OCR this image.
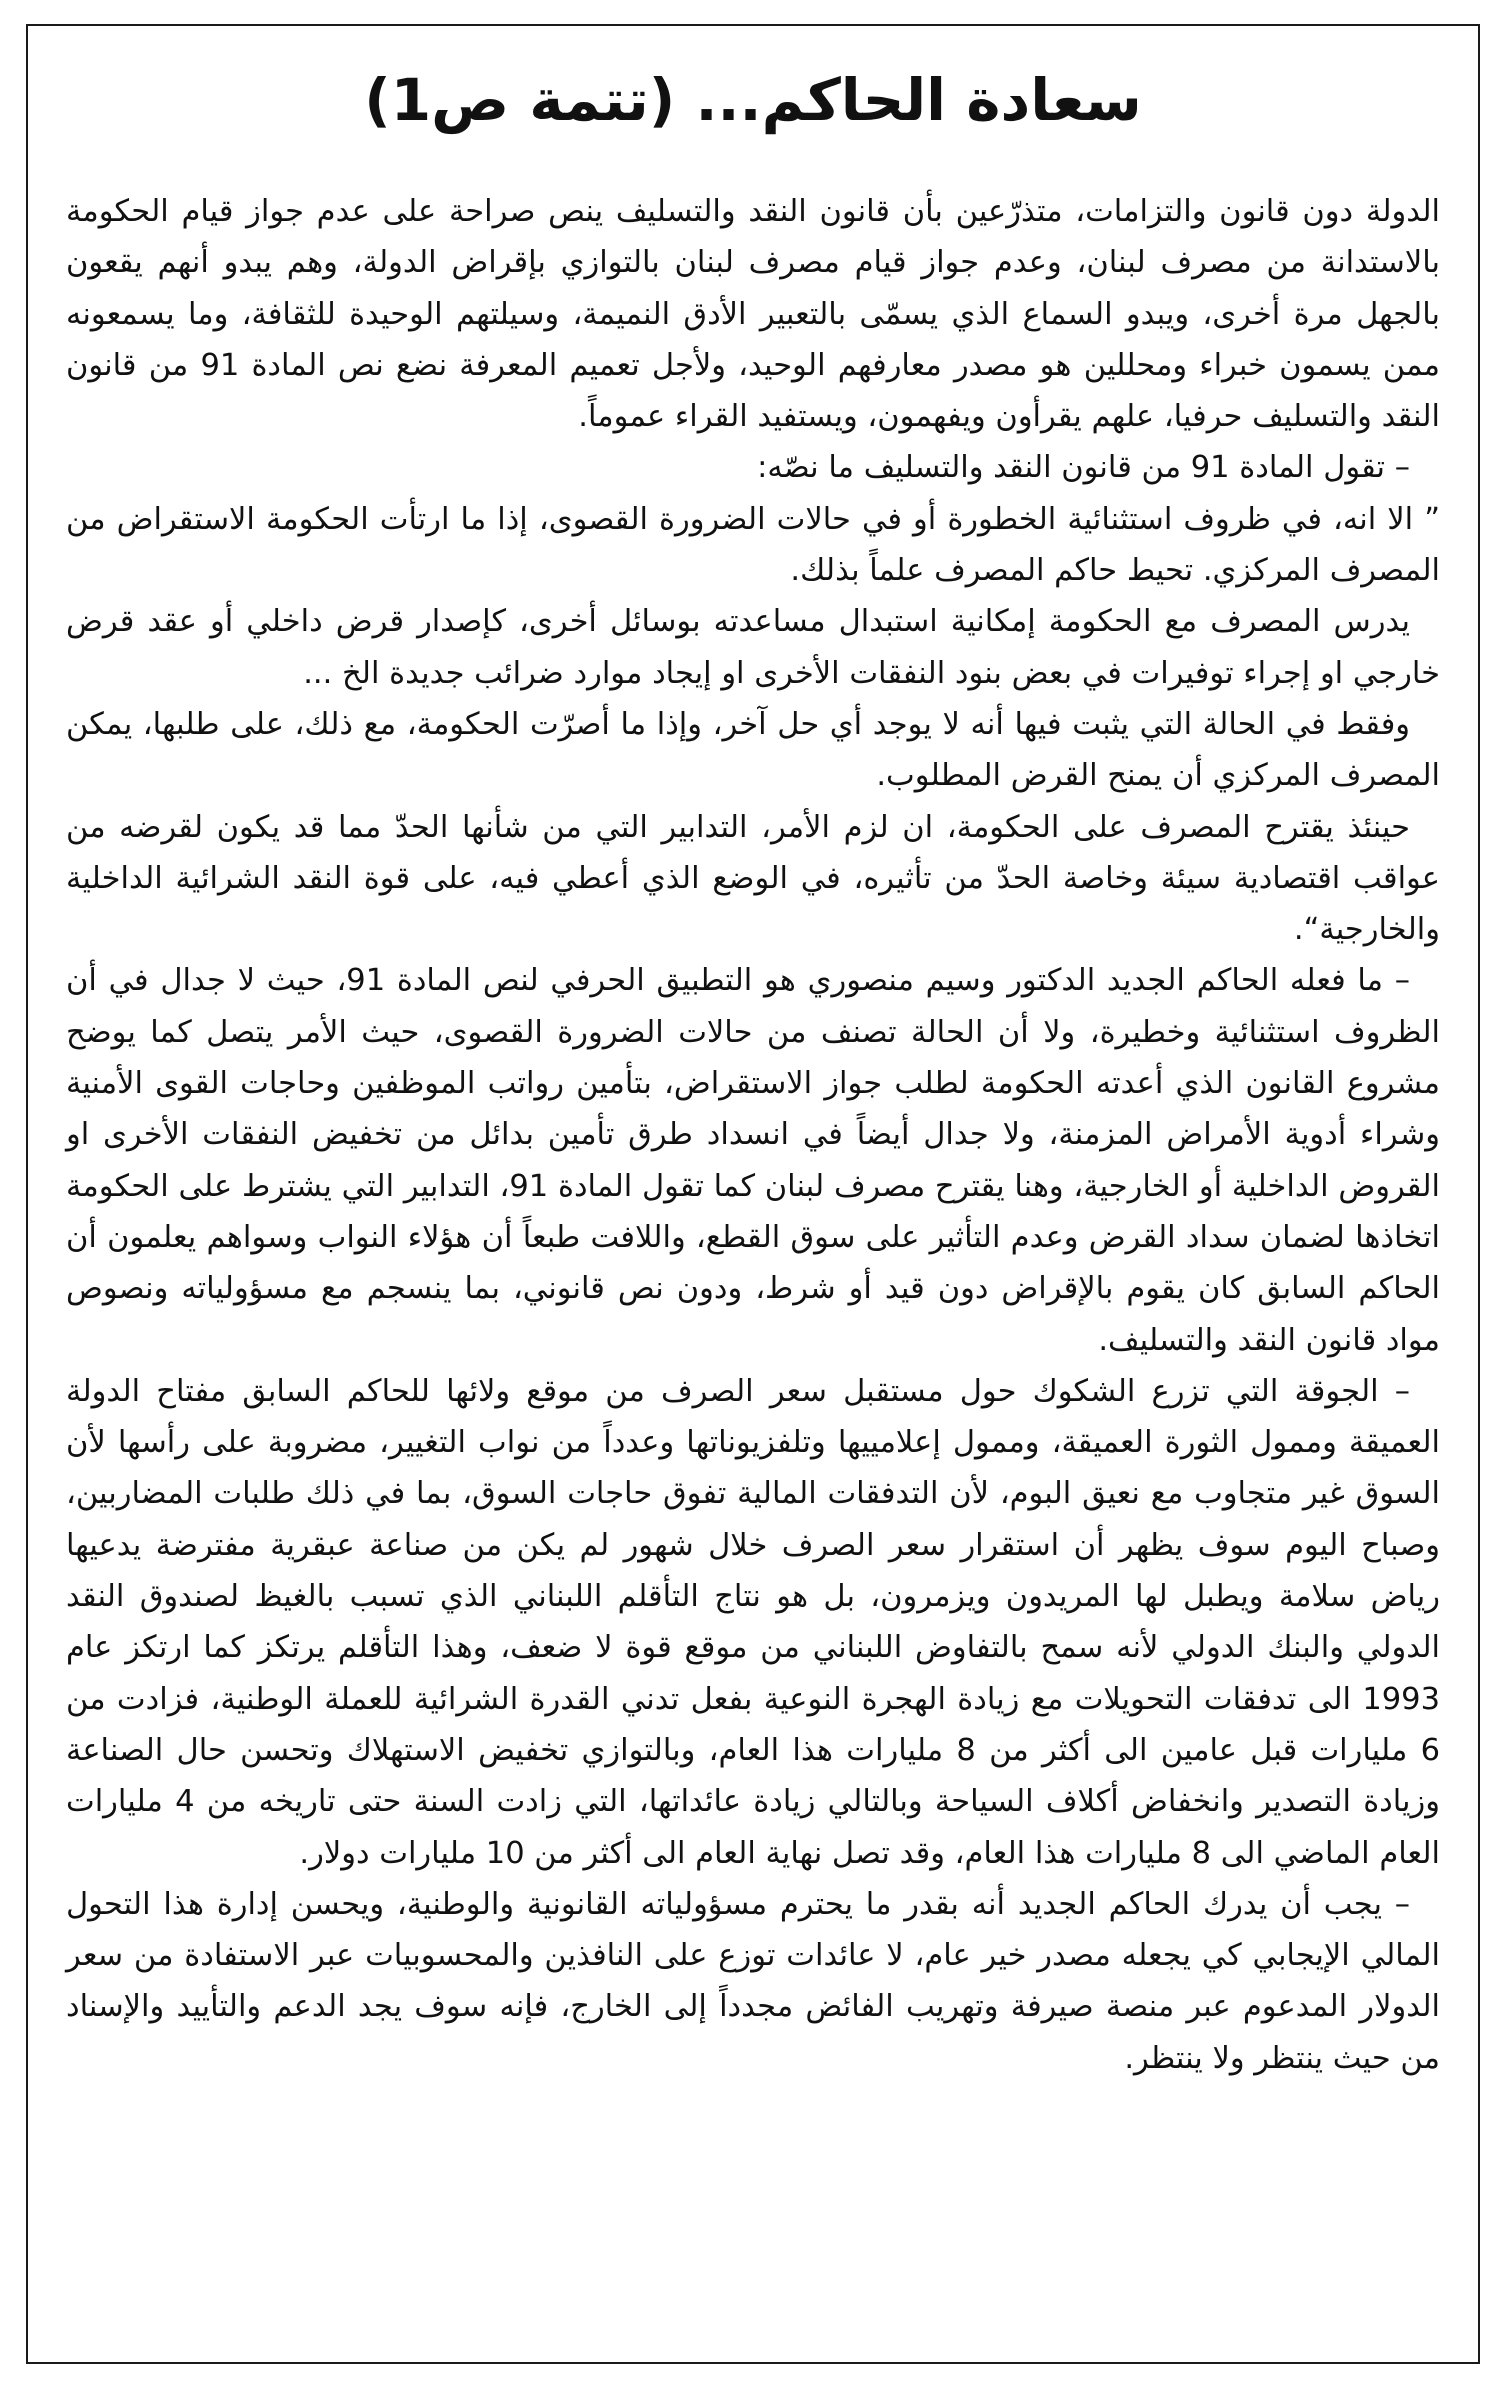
سعادة الحاكم... (تتمة ص1)

الدولة دون قانون والتزامات، متذرّعين بأن قانون النقد والتسليف ينص صراحة على عدم جواز قيام الحكومة بالاستدانة من مصرف لبنان، وعدم جواز قيام مصرف لبنان بالتوازي بإقراض الدولة، وهم يبدو أنهم يقعون بالجهل مرة أخرى، ويبدو السماع الذي يسمّى بالتعبير الأدق النميمة، وسيلتهم الوحيدة للثقافة، وما يسمعونه ممن يسمون خبراء ومحللين هو مصدر معارفهم الوحيد، ولأجل تعميم المعرفة نضع نص المادة 91 من قانون النقد والتسليف حرفيا، علهم يقرأون ويفهمون، ويستفيد القراء عموماً.

– تقول المادة 91 من قانون النقد والتسليف ما نصّه:

” الا انه، في ظروف استثنائية الخطورة أو في حالات الضرورة القصوى، إذا ما ارتأت الحكومة الاستقراض من المصرف المركزي. تحيط حاكم المصرف علماً بذلك.

يدرس المصرف مع الحكومة إمكانية استبدال مساعدته بوسائل أخرى، كإصدار قرض داخلي أو عقد قرض خارجي او إجراء توفيرات في بعض بنود النفقات الأخرى او إيجاد موارد ضرائب جديدة الخ ...

وفقط في الحالة التي يثبت فيها أنه لا يوجد أي حل آخر، وإذا ما أصرّت الحكومة، مع ذلك، على طلبها، يمكن المصرف المركزي أن يمنح القرض المطلوب.

حينئذ يقترح المصرف على الحكومة، ان لزم الأمر، التدابير التي من شأنها الحدّ مما قد يكون لقرضه من عواقب اقتصادية سيئة وخاصة الحدّ من تأثيره، في الوضع الذي أعطي فيه، على قوة النقد الشرائية الداخلية والخارجية“.

– ما فعله الحاكم الجديد الدكتور وسيم منصوري هو التطبيق الحرفي لنص المادة 91، حيث لا جدال في أن الظروف استثنائية وخطيرة، ولا أن الحالة تصنف من حالات الضرورة القصوى، حيث الأمر يتصل كما يوضح مشروع القانون الذي أعدته الحكومة لطلب جواز الاستقراض، بتأمين رواتب الموظفين وحاجات القوى الأمنية وشراء أدوية الأمراض المزمنة، ولا جدال أيضاً في انسداد طرق تأمين بدائل من تخفيض النفقات الأخرى او القروض الداخلية أو الخارجية، وهنا يقترح مصرف لبنان كما تقول المادة 91، التدابير التي يشترط على الحكومة اتخاذها لضمان سداد القرض وعدم التأثير على سوق القطع، واللافت طبعاً أن هؤلاء النواب وسواهم يعلمون أن الحاكم السابق كان يقوم بالإقراض دون قيد أو شرط، ودون نص قانوني، بما ينسجم مع مسؤولياته ونصوص مواد قانون النقد والتسليف.

– الجوقة التي تزرع الشكوك حول مستقبل سعر الصرف من موقع ولائها للحاكم السابق مفتاح الدولة العميقة وممول الثورة العميقة، وممول إعلامييها وتلفزيوناتها وعدداً من نواب التغيير، مضروبة على رأسها لأن السوق غير متجاوب مع نعيق البوم، لأن التدفقات المالية تفوق حاجات السوق، بما في ذلك طلبات المضاربين، وصباح اليوم سوف يظهر أن استقرار سعر الصرف خلال شهور لم يكن من صناعة عبقرية مفترضة يدعيها رياض سلامة ويطبل لها المريدون ويزمرون، بل هو نتاج التأقلم اللبناني الذي تسبب بالغيظ لصندوق النقد الدولي والبنك الدولي لأنه سمح بالتفاوض اللبناني من موقع قوة لا ضعف، وهذا التأقلم يرتكز كما ارتكز عام 1993 الى تدفقات التحويلات مع زيادة الهجرة النوعية بفعل تدني القدرة الشرائية للعملة الوطنية، فزادت من 6 مليارات قبل عامين الى أكثر من 8 مليارات هذا العام، وبالتوازي تخفيض الاستهلاك وتحسن حال الصناعة وزيادة التصدير وانخفاض أكلاف السياحة وبالتالي زيادة عائداتها، التي زادت السنة حتى تاريخه من 4 مليارات العام الماضي الى 8 مليارات هذا العام، وقد تصل نهاية العام الى أكثر من 10 مليارات دولار.

– يجب أن يدرك الحاكم الجديد أنه بقدر ما يحترم مسؤولياته القانونية والوطنية، ويحسن إدارة هذا التحول المالي الإيجابي كي يجعله مصدر خير عام، لا عائدات توزع على النافذين والمحسوبيات عبر الاستفادة من سعر الدولار المدعوم عبر منصة صيرفة وتهريب الفائض مجدداً إلى الخارج، فإنه سوف يجد الدعم والتأييد والإسناد من حيث ينتظر ولا ينتظر.
